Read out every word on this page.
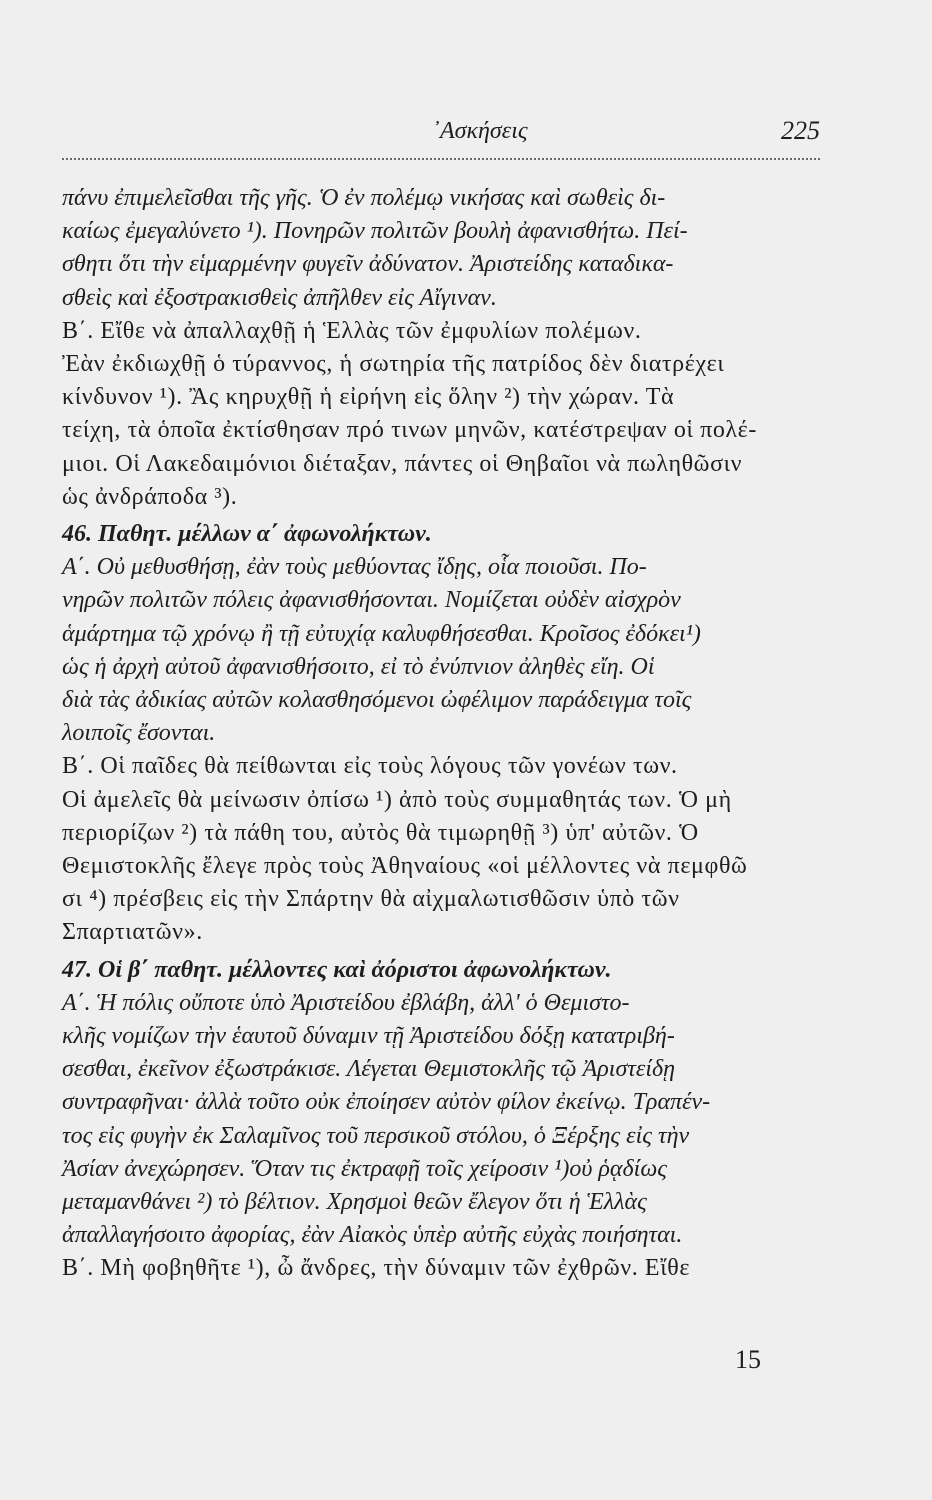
᾿Ασκήσεις	225
πάνυ ἐπιμελεῖσθαι τῆς γῆς. Ὁ ἐν πολέμῳ νικήσας καὶ σωθεὶς δι-
καίως ἐμεγαλύνετο ¹). Πονηρῶν πολιτῶν βουλὴ ἀφανισθήτω. Πεί-
σθητι ὅτι τὴν εἱμαρμένην φυγεῖν ἀδύνατον. Ἀριστείδης καταδικα-
σθεὶς καὶ ἐξοστρακισθεὶς ἀπῆλθεν εἰς Αἴγιναν.
Β΄. Εἴθε νὰ ἀπαλλαχθῇ ἡ Ἑλλὰς τῶν ἐμφυλίων πολέμων.
Ἐὰν ἐκδιωχθῇ ὁ τύραννος, ἡ σωτηρία τῆς πατρίδος δὲν διατρέχει
κίνδυνον ¹). Ἂς κηρυχθῇ ἡ εἰρήνη εἰς ὅλην ²) τὴν χώραν. Τὰ
τείχη, τὰ ὁποῖα ἐκτίσθησαν πρό τινων μηνῶν, κατέστρεψαν οἱ πολέ-
μιοι. Οἱ Λακεδαιμόνιοι διέταξαν, πάντες οἱ Θηβαῖοι νὰ πωληθῶσιν
ὡς ἀνδράποδα ³).
46. Παθητ. μέλλων α΄ ἀφωνολήκτων.
Α΄. Οὐ μεθυσθήσῃ, ἐὰν τοὺς μεθύοντας ἴδῃς, οἷα ποιοῦσι. Πο-
νηρῶν πολιτῶν πόλεις ἀφανισθήσονται. Νομίζεται οὐδὲν αἰσχρὸν
ἁμάρτημα τῷ χρόνῳ ἢ τῇ εὐτυχίᾳ καλυφθήσεσθαι. Κροῖσος ἐδόκει¹)
ὡς ἡ ἀρχὴ αὐτοῦ ἀφανισθήσοιτο, εἰ τὸ ἐνύπνιον ἀληθὲς εἴη. Οἱ
διὰ τὰς ἀδικίας αὐτῶν κολασθησόμενοι ὠφέλιμον παράδειγμα τοῖς
λοιποῖς ἔσονται.
Β΄. Οἱ παῖδες θὰ πείθωνται εἰς τοὺς λόγους τῶν γονέων των.
Οἱ ἀμελεῖς θὰ μείνωσιν ὀπίσω ¹) ἀπὸ τοὺς συμμαθητάς των. Ὁ μὴ
περιορίζων ²) τὰ πάθη του, αὐτὸς θὰ τιμωρηθῇ ³) ὑπ' αὐτῶν. Ὁ
Θεμιστοκλῆς ἔλεγε πρὸς τοὺς Ἀθηναίους «οἱ μέλλοντες νὰ πεμφθῶ
σι ⁴) πρέσβεις εἰς τὴν Σπάρτην θὰ αἰχμαλωτισθῶσιν ὑπὸ τῶν
Σπαρτιατῶν».
47. Οἱ β΄ παθητ. μέλλοντες καὶ ἀόριστοι ἀφωνολήκτων.
Α΄. Ἡ πόλις οὔποτε ὑπὸ Ἀριστείδου ἐβλάβη, ἀλλ' ὁ Θεμιστο-
κλῆς νομίζων τὴν ἑαυτοῦ δύναμιν τῇ Ἀριστείδου δόξῃ κατατριβή-
σεσθαι, ἐκεῖνον ἐξωστράκισε. Λέγεται Θεμιστοκλῆς τῷ Ἀριστείδῃ
συντραφῆναι· ἀλλὰ τοῦτο οὐκ ἐποίησεν αὐτὸν φίλον ἐκείνῳ. Τραπέν-
τος εἰς φυγὴν ἐκ Σαλαμῖνος τοῦ περσικοῦ στόλου, ὁ Ξέρξης εἰς τὴν
Ἀσίαν ἀνεχώρησεν. Ὅταν τις ἐκτραφῇ τοῖς χείροσιν ¹)οὐ ῥᾳδίως
μεταμανθάνει ²) τὸ βέλτιον. Χρησμοὶ θεῶν ἔλεγον ὅτι ἡ Ἑλλὰς
ἀπαλλαγήσοιτο ἀφορίας, ἐὰν Αἰακὸς ὑπὲρ αὐτῆς εὐχὰς ποιήσηται.
Β΄. Μὴ φοβηθῆτε ¹), ὦ ἄνδρες, τὴν δύναμιν τῶν ἐχθρῶν. Εἴθε
15
